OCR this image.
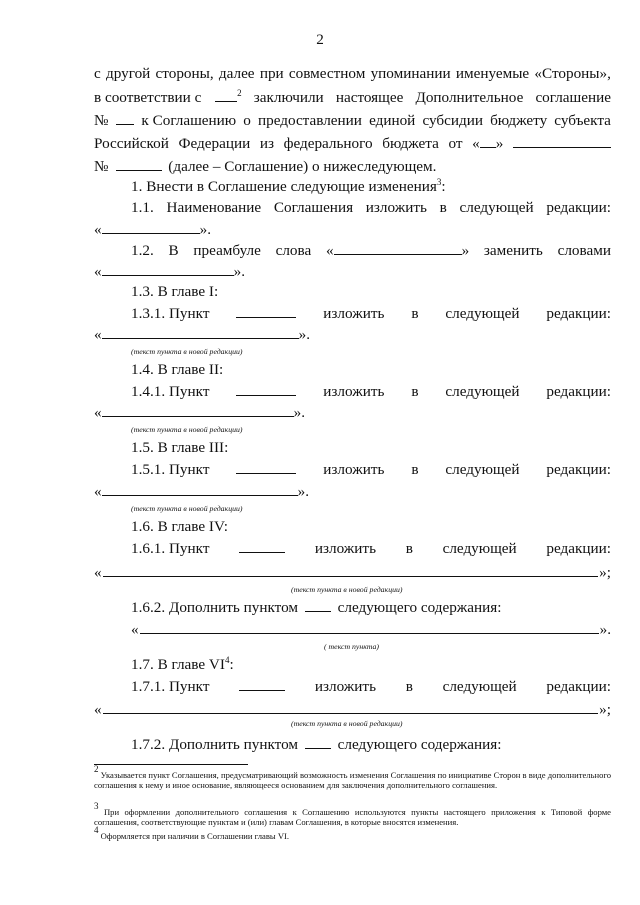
2
с другой стороны, далее при совместном упоминании именуемые «Стороны»,
в соответствии с	$^2$ заключили настоящее Дополнительное соглашение
№	к Соглашению о предоставлении единой субсидии бюджету субъекта
Российской Федерации из федерального бюджета от « »
№	(далее – Соглашение) о нижеследующем.
1. Внести в Соглашение следующие изменения$^3$:
1.1. Наименование Соглашения изложить в следующей редакции:
«	».
1.2. В преамбуле слова «	» заменить словами
«	».
1.3. В главе I:
1.3.1. Пункт	изложить в следующей редакции:
«	».
(текст пункта в новой редакции)
1.4. В главе II:
1.4.1. Пункт	изложить в следующей редакции:
«	».
(текст пункта в новой редакции)
1.5. В главе III:
1.5.1. Пункт	изложить в следующей редакции:
«	».
(текст пункта в новой редакции)
1.6. В главе IV:
1.6.1. Пункт	изложить в следующей редакции:
«	»;
(текст пункта в новой редакции)
1.6.2. Дополнить пунктом	следующего содержания:
«	».
( текст пункта)
1.7. В главе $VI^4$:
1.7.1. Пункт	изложить в следующей редакции:
«	»;
(текст пункта в новой редакции)
1.7.2. Дополнить пунктом	следующего содержания:
$^2$ Указывается пункт Соглашения, предусматривающий возможность изменения Соглашения по инициативе Сторон в виде дополнительного соглашения к нему и иное основание, являющееся основанием для заключения дополнительного соглашения.
$^3$ При оформлении дополнительного соглашения к Соглашению используются пункты настоящего приложения к Типовой форме соглашения, соответствующие пунктам и (или) главам Соглашения, в которые вносятся изменения.
$^4$ Оформляется при наличии в Соглашении главы VI.
